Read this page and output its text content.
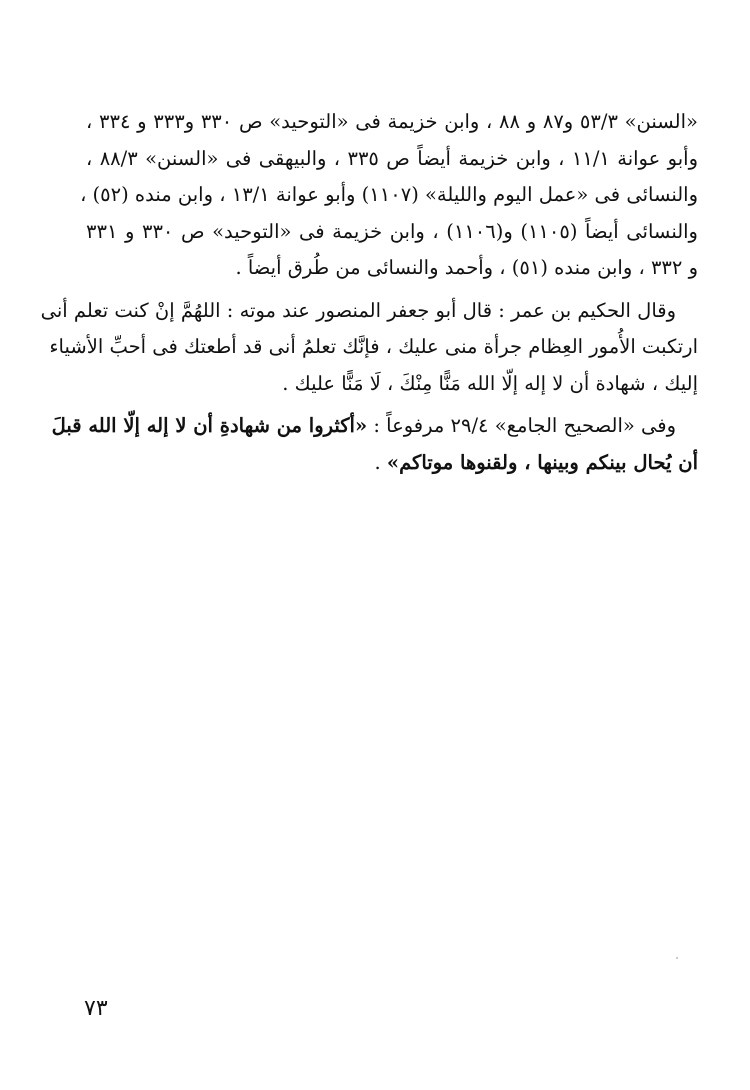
«السنن» ٥٣/٣ و٨٧ و ٨٨ ، وابن خزيمة فى «التوحيد» ص ٣٣٠ و٣٣٣ و ٣٣٤ ،
وأبو عوانة ١١/١ ، وابن خزيمة أيضاً ص ٣٣٥ ، والبيهقى فى «السنن» ٨٨/٣ ،
والنسائى فى «عمل اليوم والليلة» (١١٠٧) وأبو عوانة ١٣/١ ، وابن منده (٥٢) ،
والنسائى أيضاً (١١٠٥) و(١١٠٦) ، وابن خزيمة فى «التوحيد» ص ٣٣٠ و ٣٣١
و ٣٣٢ ، وابن منده (٥١) ، وأحمد والنسائى من طُرق أيضاً .

وقال الحكيم بن عمر : قال أبو جعفر المنصور عند موته : اللهُمَّ إنْ كنت تعلم أنى
ارتكبت الأُمور العِظام جرأة منى عليك ، فإنَّك تعلمُ أنى قد أطعتك فى أحبِّ الأشياء
إليك ، شهادة أن لا إله إلّا الله مَنًّا مِنْكَ ، لَا مَنًّا عليك .

وفى «الصحيح الجامع» ٢٩/٤ مرفوعاً : «أكثروا من شهادةِ أن لا إله إلّا الله قبلَ
أن يُحال بينكم وبينها ، ولقنوها موتاكم» .

٧٣
